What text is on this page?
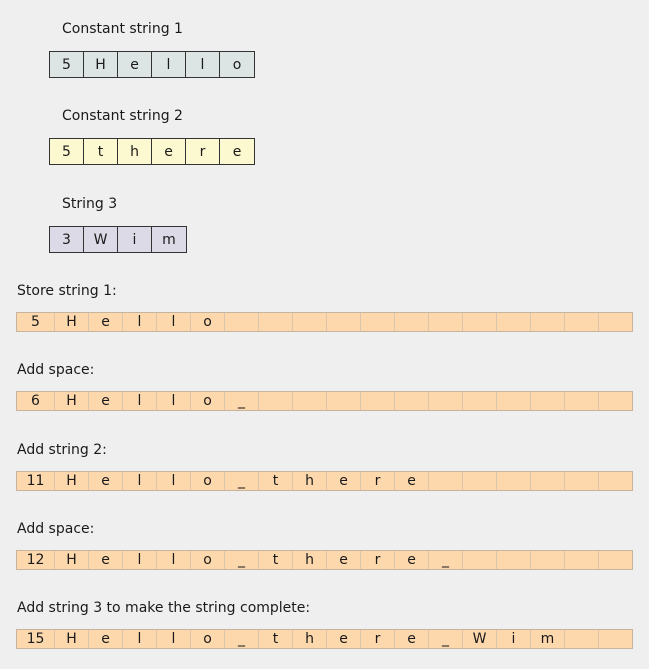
Constant string 1
5	H	e	l	l	o
Constant string 2
5	t	h	e	r	e
String 3
3	W	i	m
Store string 1:
5	H	e	l	l	o
Add space:
6	H	e	l	l	o	_
Add string 2:
11	H	e	l	l	o	_	t	h	e	r	e
Add space:
12	H	e	l	l	o	_	t	h	e	r	e	_
Add string 3 to make the string complete:
15	H	e	l	l	o	_	t	h	e	r	e	_	W	i	m
